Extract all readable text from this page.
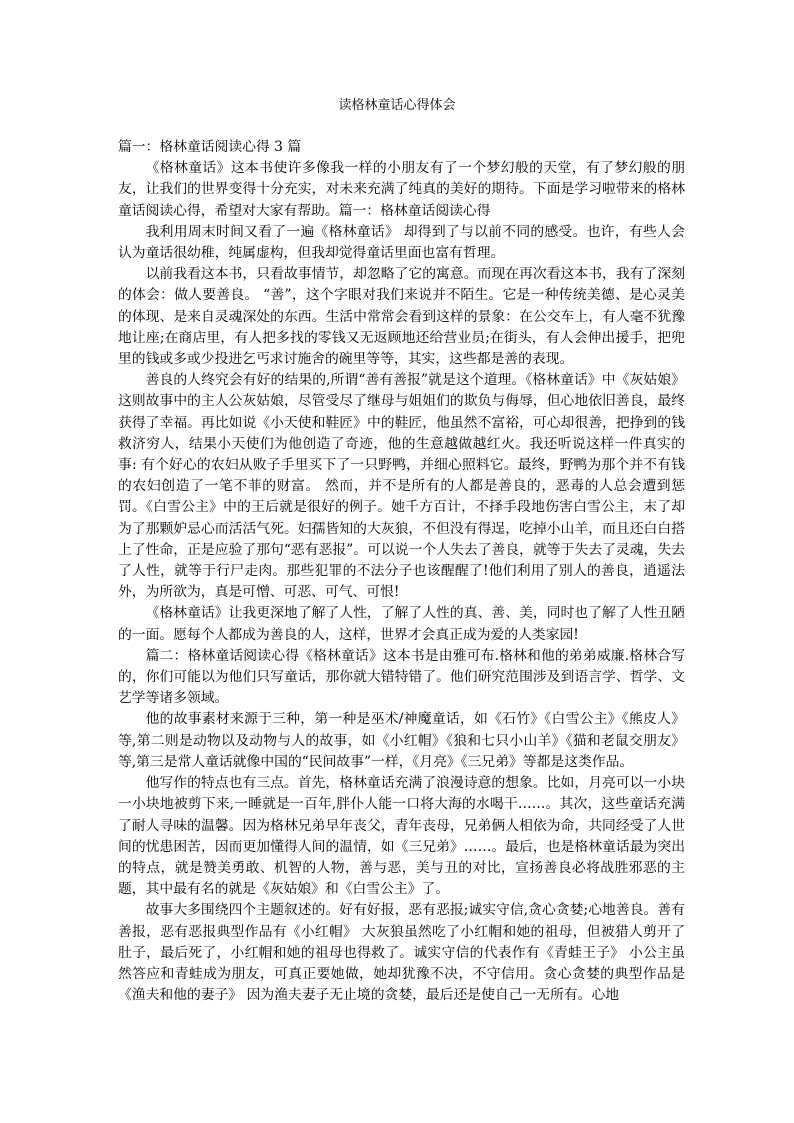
读格林童话心得体会

篇一：格林童话阅读心得 3 篇

《格林童话》这本书使许多像我一样的小朋友有了一个梦幻般的天堂，有了梦幻般的朋友，让我们的世界变得十分充实，对未来充满了纯真的美好的期待。下面是学习啦带来的格林童话阅读心得，希望对大家有帮助。篇一：格林童话阅读心得

我利用周末时间又看了一遍《格林童话》 却得到了与以前不同的感受。也许，有些人会认为童话很幼稚，纯属虚构，但我却觉得童话里面也富有哲理。

以前我看这本书，只看故事情节，却忽略了它的寓意。而现在再次看这本书，我有了深刻的体会：做人要善良。 “善”，这个字眼对我们来说并不陌生。它是一种传统美德、是心灵美的体现、是来自灵魂深处的东西。生活中常常会看到这样的景象：在公交车上，有人毫不犹豫地让座;在商店里，有人把多找的零钱又无返顾地还给营业员;在街头，有人会伸出援手，把兜里的钱或多或少投进乞丐求讨施舍的碗里等等，其实，这些都是善的表现。

善良的人终究会有好的结果的,所谓“善有善报”就是这个道理。《格林童话》中《灰姑娘》这则故事中的主人公灰姑娘，尽管受尽了继母与姐姐们的欺负与侮辱，但心地依旧善良，最终获得了幸福。再比如说《小天使和鞋匠》中的鞋匠，他虽然不富裕，可心却很善，把挣到的钱救济穷人，结果小天使们为他创造了奇迹，他的生意越做越红火。我还听说这样一件真实的事: 有个好心的农妇从败子手里买下了一只野鸭，并细心照料它。最终，野鸭为那个并不有钱的农妇创造了一笔不菲的财富。 然而，并不是所有的人都是善良的，恶毒的人总会遭到惩罚。《白雪公主》中的王后就是很好的例子。她千方百计，不择手段地伤害白雪公主，末了却为了那颗妒忌心而活活气死。妇孺皆知的大灰狼，不但没有得逞，吃掉小山羊，而且还白白搭上了性命，正是应验了那句“恶有恶报”。可以说一个人失去了善良，就等于失去了灵魂，失去了人性，就等于行尸走肉。那些犯罪的不法分子也该醒醒了!他们利用了别人的善良，逍遥法外，为所欲为，真是可憎、可恶、可气、可恨!

《格林童话》让我更深地了解了人性，了解了人性的真、善、美，同时也了解了人性丑陋的一面。愿每个人都成为善良的人，这样，世界才会真正成为爱的人类家园!

篇二：格林童话阅读心得《格林童话》这本书是由雅可布.格林和他的弟弟威廉.格林合写的，你们可能以为他们只写童话，那你就大错特错了。他们研究范围涉及到语言学、哲学、文艺学等诸多领域。

他的故事素材来源于三种，第一种是巫术/神魔童话，如《石竹》《白雪公主》《熊皮人》等,第二则是动物以及动物与人的故事，如《小红帽》《狼和七只小山羊》《猫和老鼠交朋友》等,第三是常人童话就像中国的“民间故事”一样，《月亮》《三兄弟》等都是这类作品。

他写作的特点也有三点。首先，格林童话充满了浪漫诗意的想象。比如，月亮可以一小块一小块地被剪下来,一睡就是一百年,胖仆人能一口将大海的水喝干……。其次，这些童话充满了耐人寻味的温馨。因为格林兄弟早年丧父，青年丧母，兄弟俩人相依为命，共同经受了人世间的忧患困苦，因而更加懂得人间的温情，如《三兄弟》……。最后，也是格林童话最为突出的特点，就是赞美勇敢、机智的人物，善与恶，美与丑的对比，宣扬善良必将战胜邪恶的主题，其中最有名的就是《灰姑娘》和《白雪公主》了。

故事大多围绕四个主题叙述的。好有好报，恶有恶报;诚实守信,贪心贪婪;心地善良。善有善报，恶有恶报典型作品有《小红帽》 大灰狼虽然吃了小红帽和她的祖母，但被猎人剪开了肚子，最后死了，小红帽和她的祖母也得救了。诚实守信的代表作有《青蛙王子》 小公主虽然答应和青蛙成为朋友，可真正要她做，她却犹豫不决，不守信用。贪心贪婪的典型作品是《渔夫和他的妻子》 因为渔夫妻子无止境的贪婪，最后还是使自己一无所有。心地
